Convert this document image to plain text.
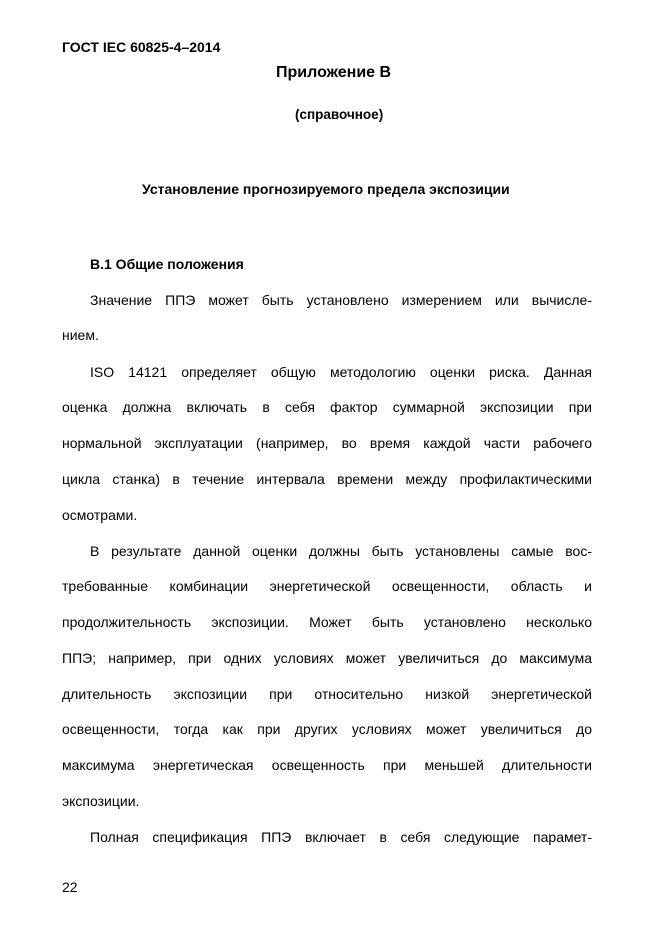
ГОСТ IEC 60825-4–2014
Приложение В
(справочное)
Установление прогнозируемого предела экспозиции
В.1 Общие положения
Значение ППЭ может быть установлено измерением или вычисле-
нием.
ISO 14121 определяет общую методологию оценки риска. Данная
оценка должна включать в себя фактор суммарной экспозиции при
нормальной эксплуатации (например, во время каждой части рабочего
цикла станка) в течение интервала времени между профилактическими
осмотрами.
В результате данной оценки должны быть установлены самые вос-
требованные комбинации энергетической освещенности, область и
продолжительность экспозиции. Может быть установлено несколько
ППЭ; например, при одних условиях может увеличиться до максимума
длительность экспозиции при относительно низкой энергетической
освещенности, тогда как при других условиях может увеличиться до
максимума энергетическая освещенность при меньшей длительности
экспозиции.
Полная спецификация ППЭ включает в себя следующие парамет-
22
